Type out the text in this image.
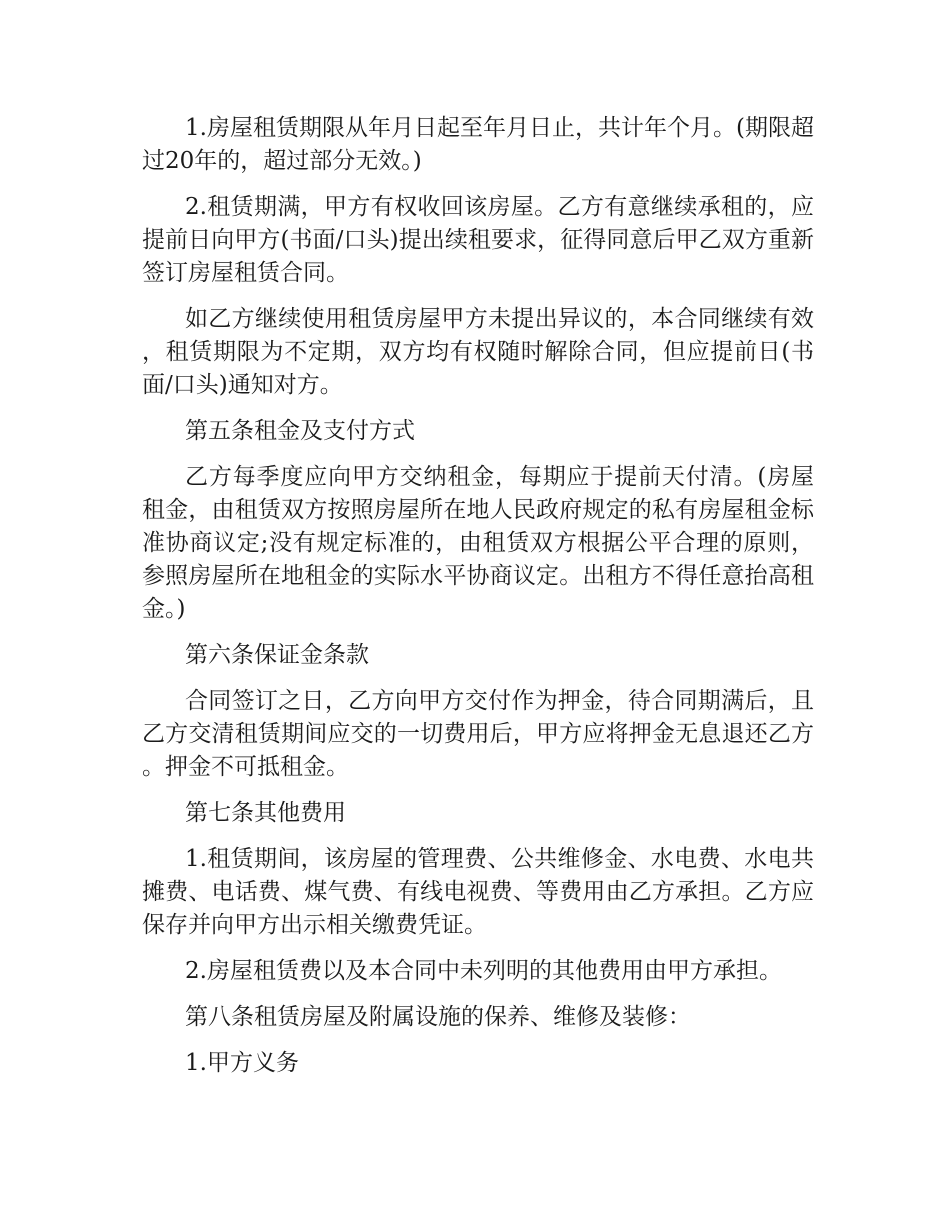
1.房屋租赁期限从年月日起至年月日止，共计年个月。(期限超过20年的，超过部分无效。)

2.租赁期满，甲方有权收回该房屋。乙方有意继续承租的，应提前日向甲方(书面/口头)提出续租要求，征得同意后甲乙双方重新签订房屋租赁合同。

如乙方继续使用租赁房屋甲方未提出异议的，本合同继续有效，租赁期限为不定期，双方均有权随时解除合同，但应提前日(书面/口头)通知对方。

第五条租金及支付方式

乙方每季度应向甲方交纳租金，每期应于提前天付清。(房屋租金，由租赁双方按照房屋所在地人民政府规定的私有房屋租金标准协商议定;没有规定标准的，由租赁双方根据公平合理的原则，参照房屋所在地租金的实际水平协商议定。出租方不得任意抬高租金。)

第六条保证金条款

合同签订之日，乙方向甲方交付作为押金，待合同期满后，且乙方交清租赁期间应交的一切费用后，甲方应将押金无息退还乙方。押金不可抵租金。

第七条其他费用

1.租赁期间，该房屋的管理费、公共维修金、水电费、水电共摊费、电话费、煤气费、有线电视费、等费用由乙方承担。乙方应保存并向甲方出示相关缴费凭证。

2.房屋租赁费以及本合同中未列明的其他费用由甲方承担。

第八条租赁房屋及附属设施的保养、维修及装修：

1.甲方义务
